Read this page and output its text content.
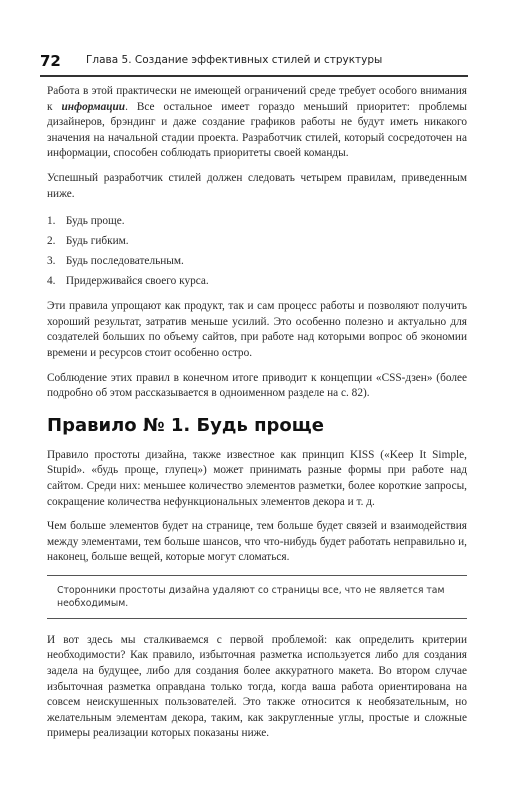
72 Глава 5. Создание эффективных стилей и структуры

Работа в этой практически не имеющей ограничений среде требует особого внимания к информации. Все остальное имеет гораздо меньший приоритет: проблемы дизайнеров, брэндинг и даже создание графиков работы не будут иметь никакого значения на начальной стадии проекта. Разработчик стилей, который сосредоточен на информации, способен соблюдать приоритеты своей команды.

Успешный разработчик стилей должен следовать четырем правилам, приведенным ниже.

1. Будь проще.
2. Будь гибким.
3. Будь последовательным.
4. Придерживайся своего курса.

Эти правила упрощают как продукт, так и сам процесс работы и позволяют получить хороший результат, затратив меньше усилий. Это особенно полезно и актуально для создателей больших по объему сайтов, при работе над которыми вопрос об экономии времени и ресурсов стоит особенно остро.

Соблюдение этих правил в конечном итоге приводит к концепции «CSS-дзен» (более подробно об этом рассказывается в одноименном разделе на с. 82).

Правило № 1. Будь проще

Правило простоты дизайна, также известное как принцип KISS («Keep It Simple, Stupid». «будь проще, глупец») может принимать разные формы при работе над сайтом. Среди них: меньшее количество элементов разметки, более короткие запросы, сокращение количества нефункциональных элементов декора и т. д.

Чем больше элементов будет на странице, тем больше будет связей и взаимодействия между элементами, тем больше шансов, что что-нибудь будет работать неправильно и, наконец, больше вещей, которые могут сломаться.

Сторонники простоты дизайна удаляют со страницы все, что не является там необходимым.

И вот здесь мы сталкиваемся с первой проблемой: как определить критерии необходимости? Как правило, избыточная разметка используется либо для создания задела на будущее, либо для создания более аккуратного макета. Во втором случае избыточная разметка оправдана только тогда, когда ваша работа ориентирована на совсем неискушенных пользователей. Это также относится к необязательным, но желательным элементам декора, таким, как закругленные углы, простые и сложные примеры реализации которых показаны ниже.
